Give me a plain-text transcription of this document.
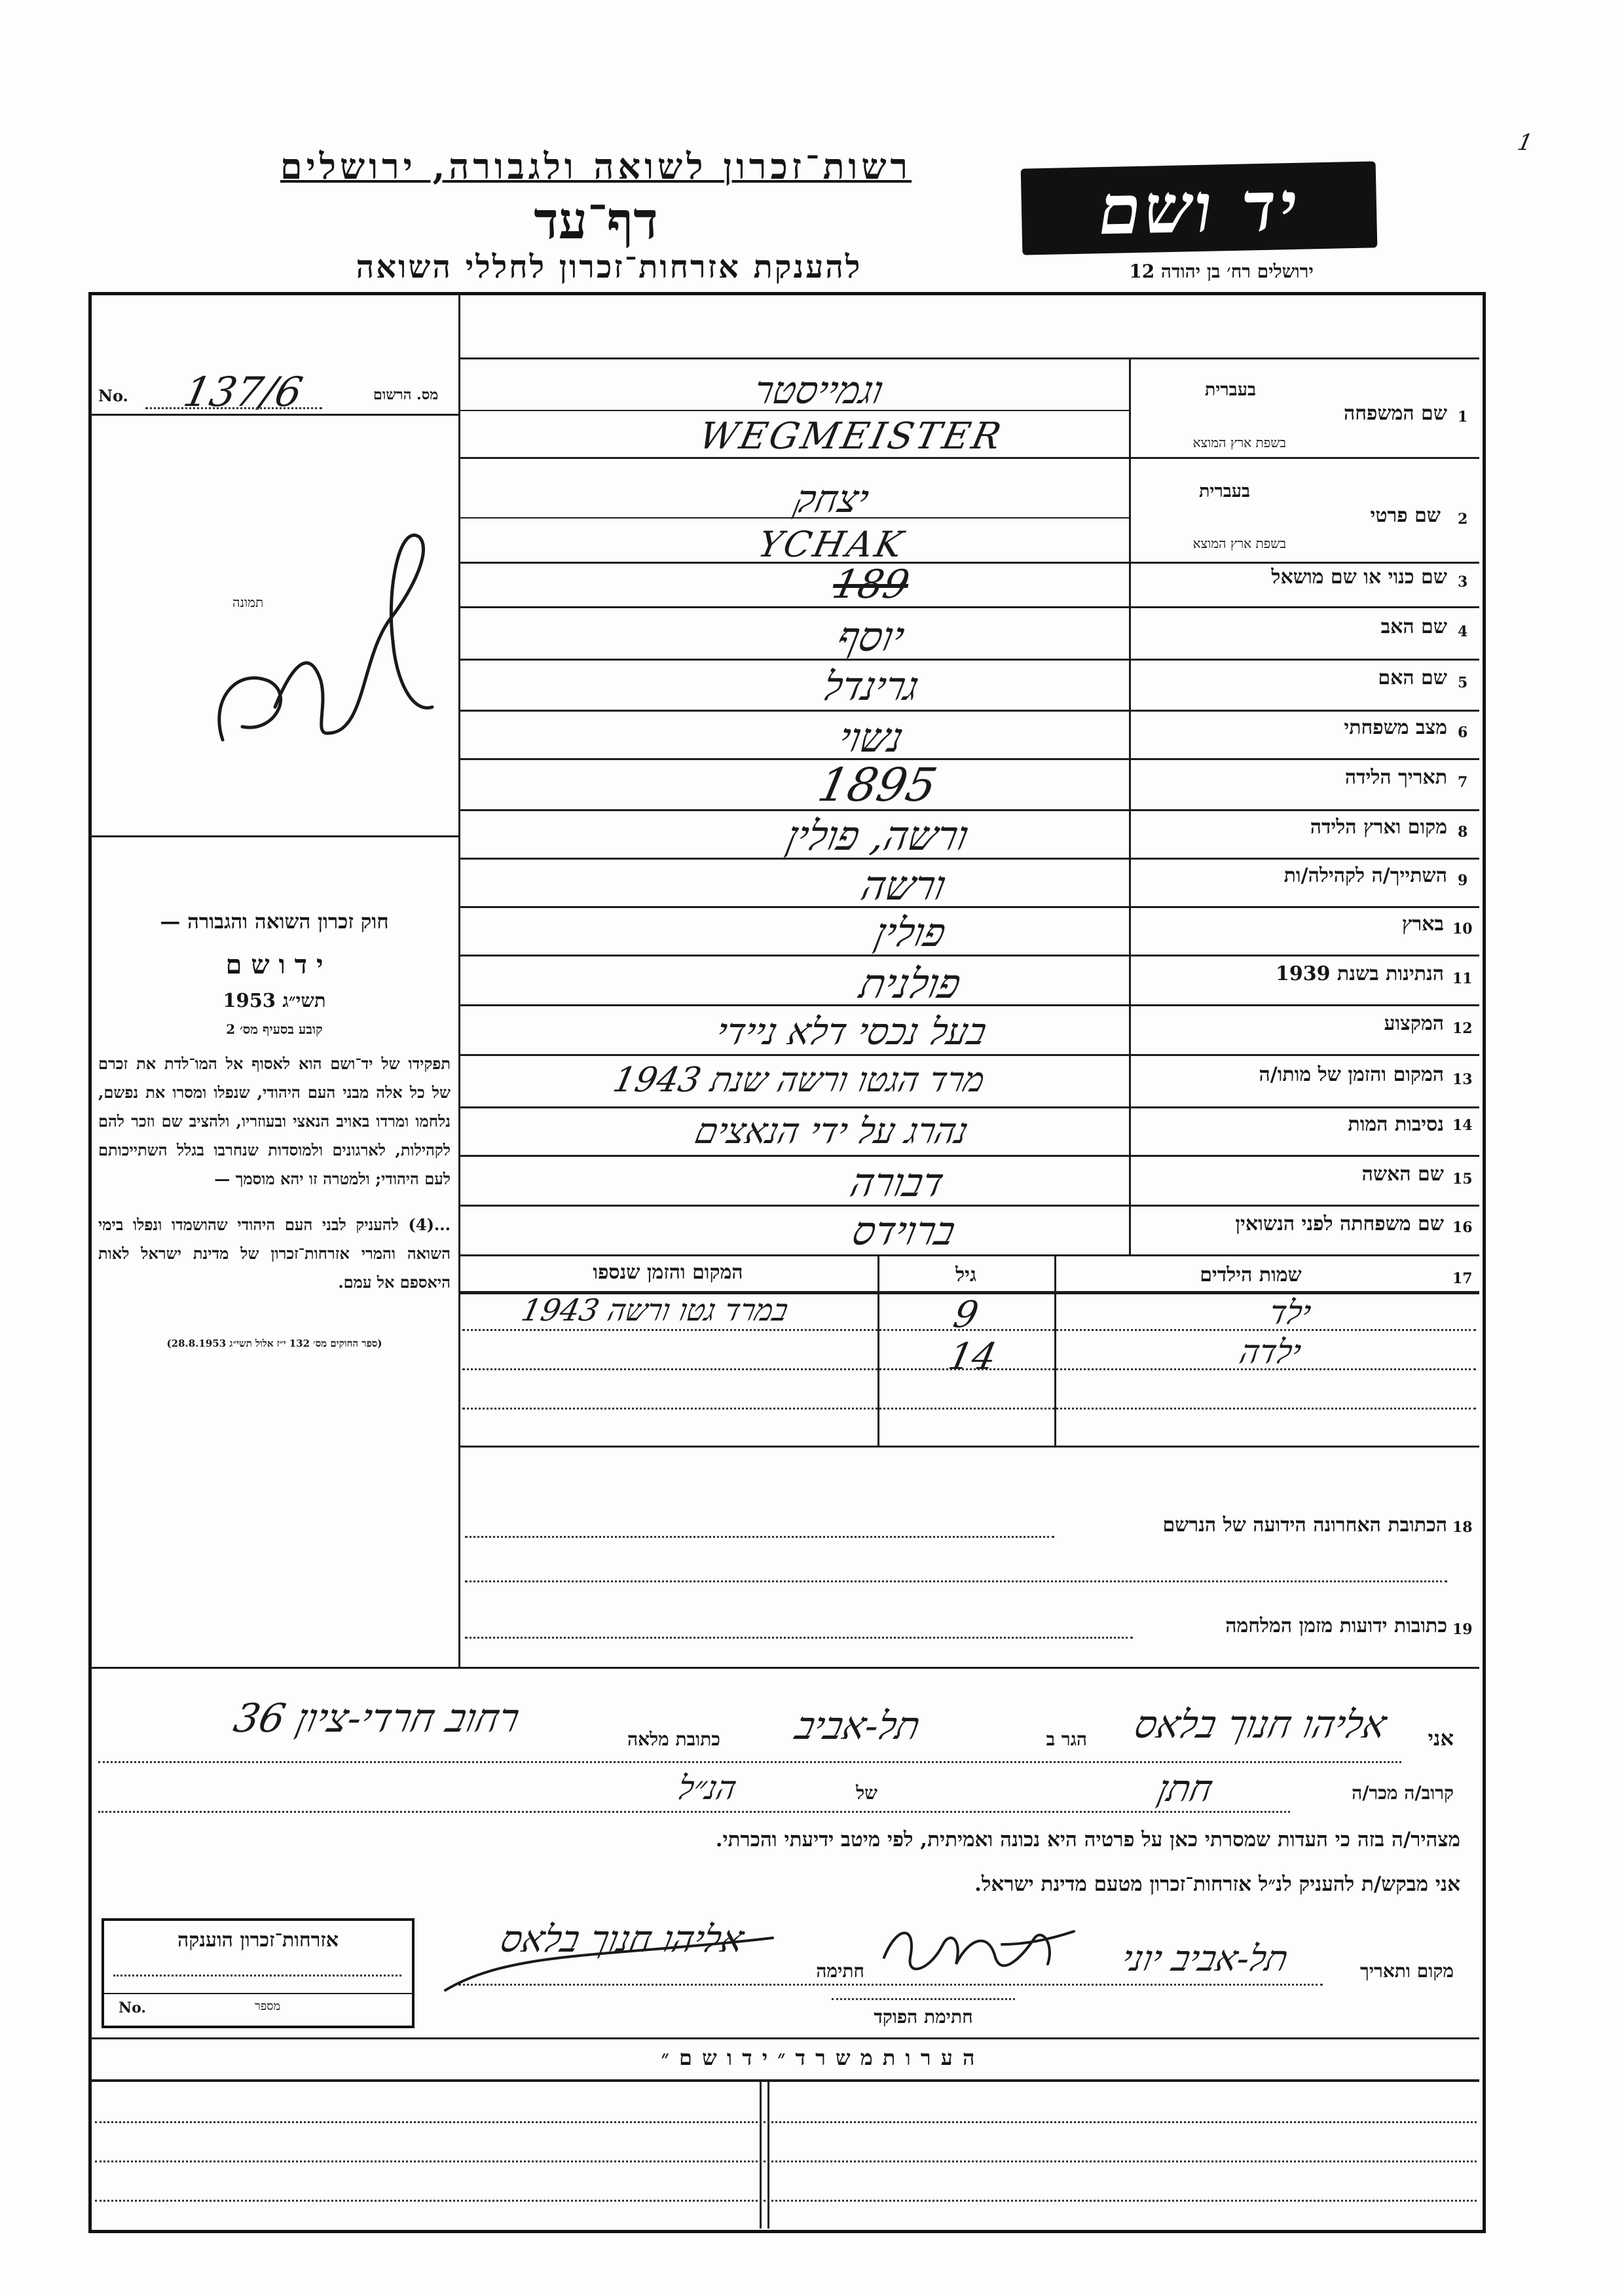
רשות־זכרון לשואה ולגבורה, ירושלים
דף־עד
להענקת אזרחות־זכרון לחללי השואה
יד ושם
ירושלים רח׳ בן יהודה 12
1
No. 137/6	מס. הרשום
תמונה
חוק זכרון השואה והגבורה —
י ד ו ש ם
תשי״ג 1953
קובע בסעיף מס׳ 2
תפקידו של יד־ושם הוא לאסוף אל המו־לדת את זכרם של כל אלה מבני העם היהודי, שנפלו ומסרו את נפשם, נלחמו ומרדו באויב הנאצי ובעוזריו, ולהציב שם וזכר להם לקהילות, לארגונים ולמוסדות שנחרבו בגלל השתייכותם לעם היהודי; ולמטרה זו יהא מוסמך —
...(4) להעניק לבני העם היהודי שהושמדו ונפלו בימי השואה והמרי אזרחות־זכרון של מדינת ישראל לאות היאספם אל עמם.
(ספר החוקים מס׳ 132 י״ז אלול תשי״ג 28.8.1953)
1
שם המשפחה
בעברית
בשפת ארץ המוצא
וגמייסטר
WEGMEISTER
2
שם פרטי
בעברית
בשפת ארץ המוצא
יצחק
YCHAK
3
שם כנוי או שם מושאל
189
4
שם האב
יוסף
5
שם האם
גרינדל
6
מצב משפחתי
נשוי
7
תאריך הלידה
1895
8
מקום וארץ הלידה
ורשה, פולין
9
השתייך/ה לקהילה/ות
ורשה
10
בארץ
פולין
11
הנתינות בשנת 1939
פולנית
12
המקצוע
בעל נכסי דלא ניידי
13
המקום והזמן של מותו/ה
מרד הגטו ורשה שנת 1943
14
נסיבות המות
נהרג על ידי הנאצים
15
שם האשה
דבורה
16
שם משפחתה לפני הנשואין
ברוידס
17
שמות הילדים
גיל
המקום והזמן שנספו
ילד
9
במרד גטו ורשה 1943
ילדה
14
18
הכתובת האחרונה הידועה של הנרשם
19
כתובות ידועות מזמן המלחמה
אני
אליהו חנוך בלאס
הגר ב
תל-אביב
כתובת מלאה
רחוב חרדי-ציון 36
קרוב/ה מכר/ה
חתן
של
הנ״ל
מצהיר/ה בזה כי העדות שמסרתי כאן על פרטיה היא נכונה ואמיתית, לפי מיטב ידיעתי והכרתי.
אני מבקש/ת להעניק לנ״ל אזרחות־זכרון מטעם מדינת ישראל.
מקום ותאריך
תל-אביב יוני
חתימה
אליהו חנוך בלאס
חתימת הפוקד
אזרחות־זכרון הוענקה
No.	מספר
ה ע ר ו ת מ ש ר ד ״ י ד ו ש ם ״
